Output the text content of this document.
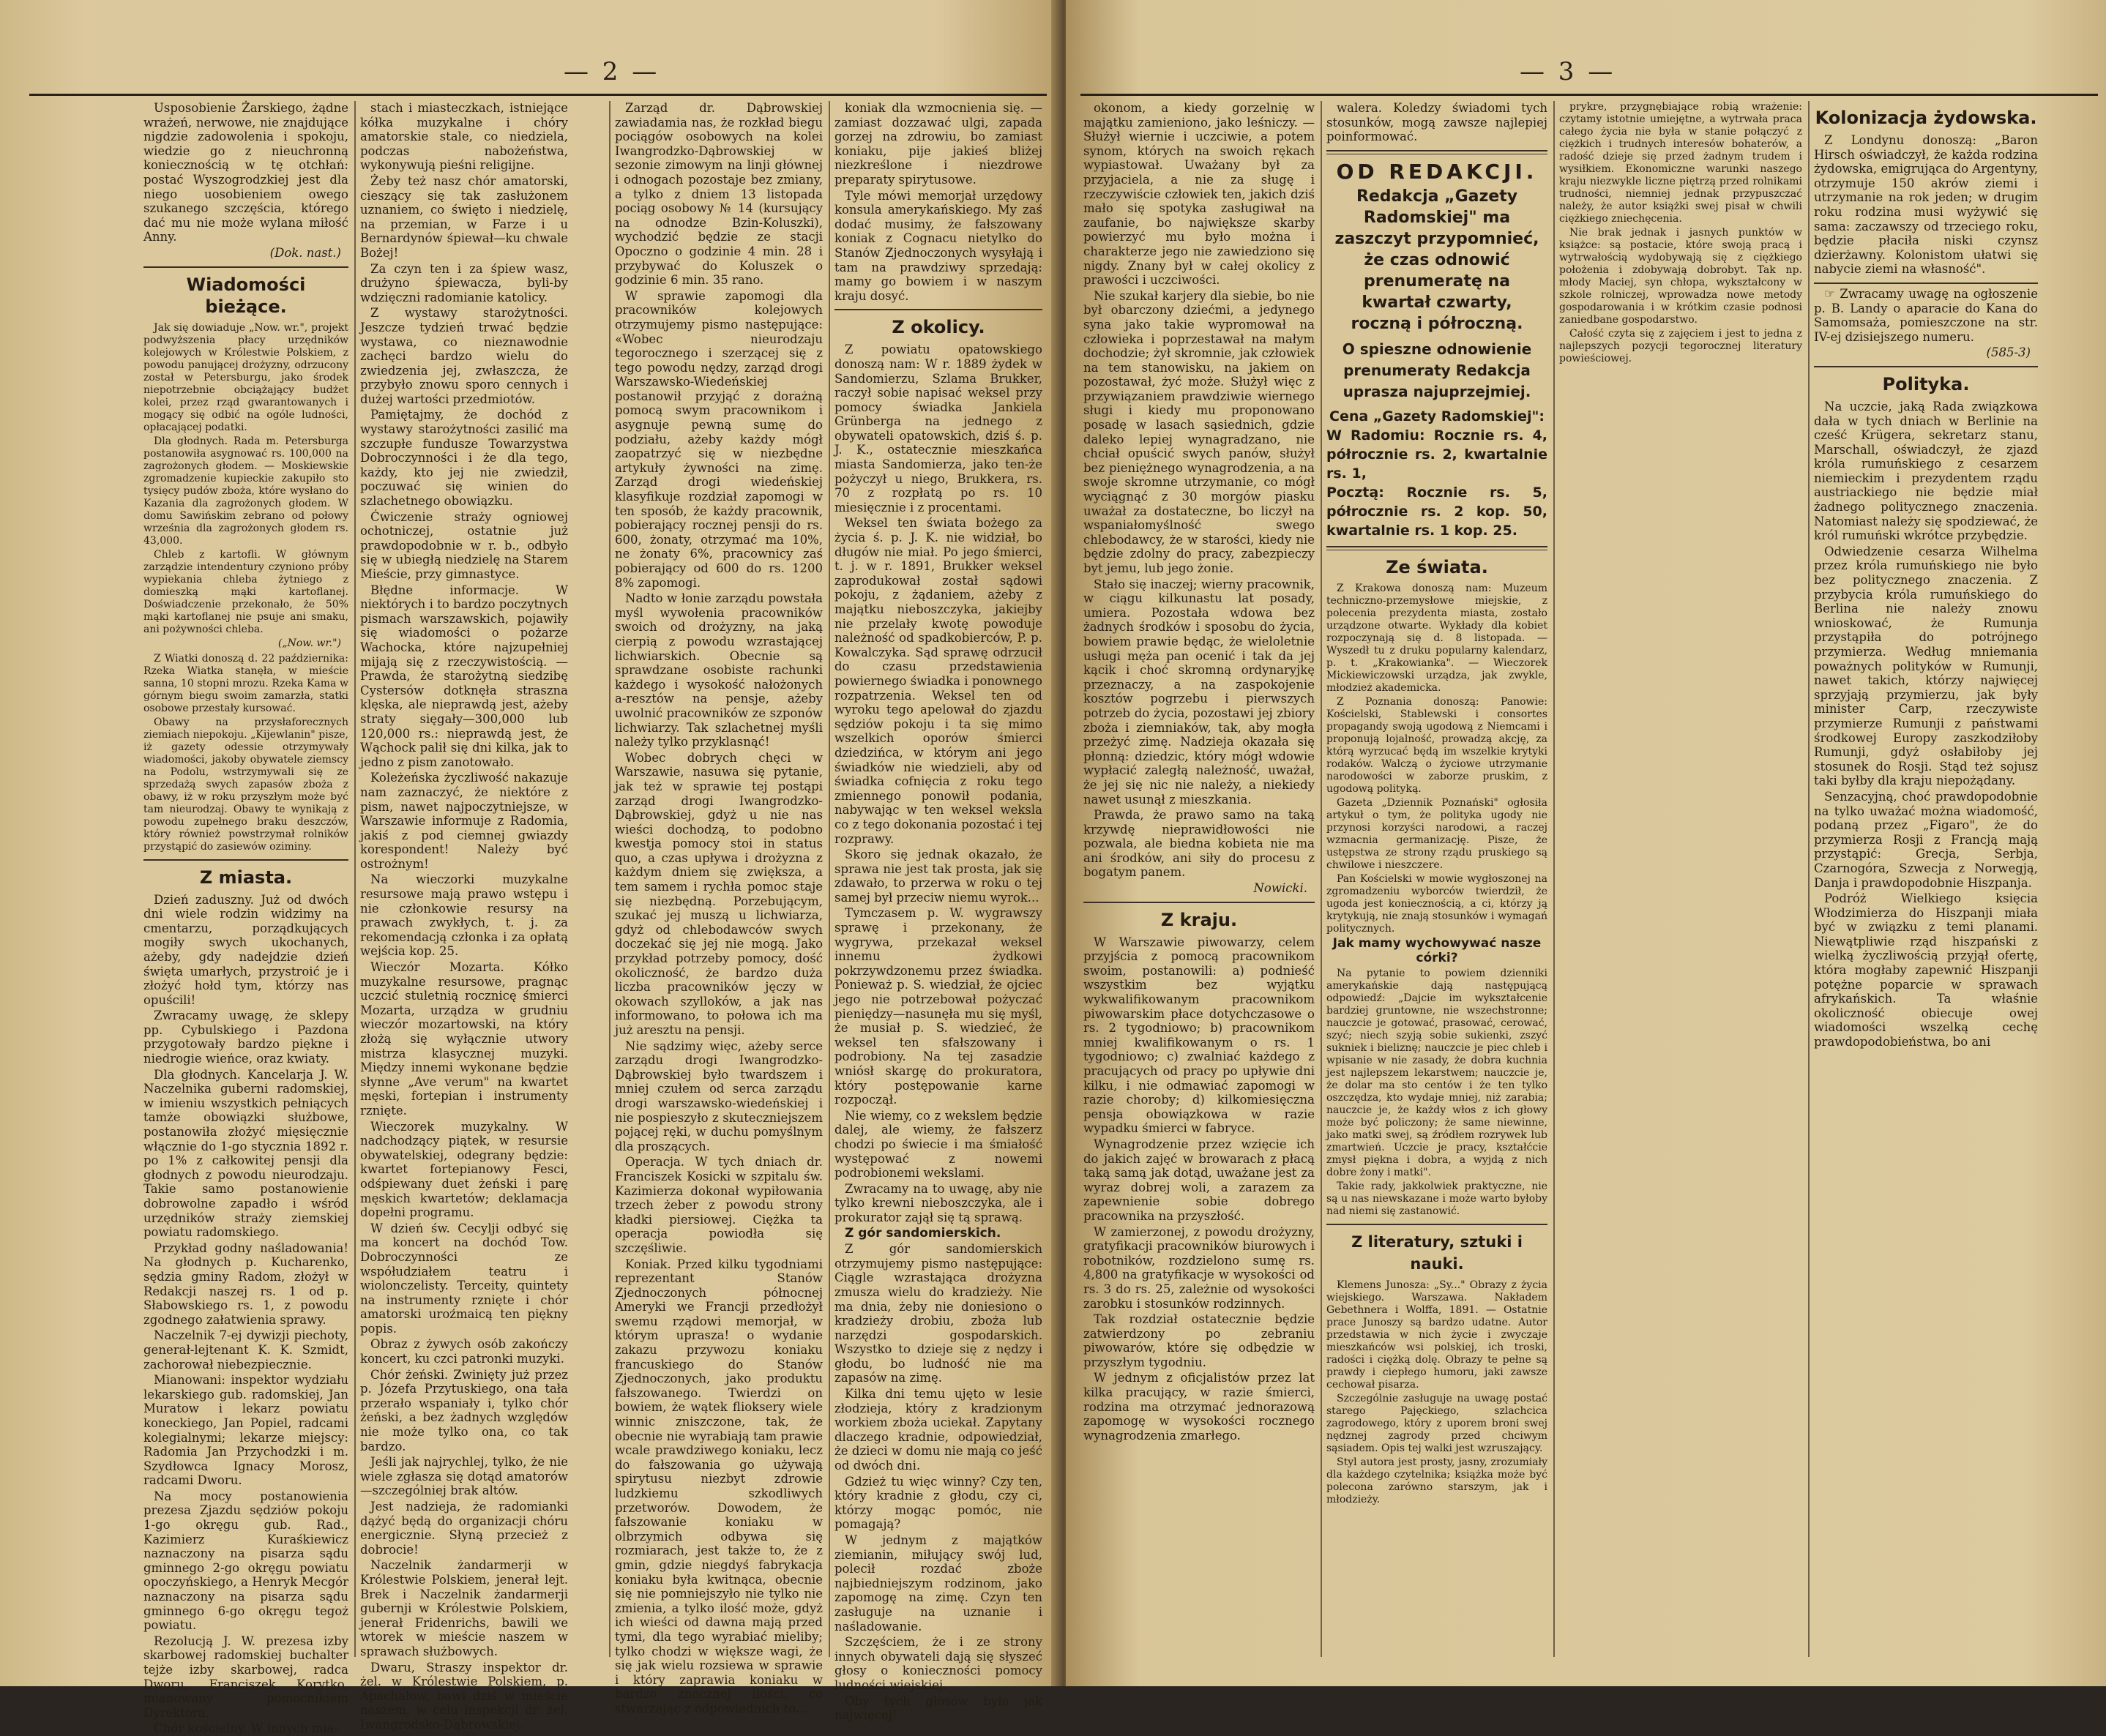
— 2 —

Usposobienie Żarskiego, żądne wrażeń, nerwowe, nie znajdujące nigdzie zadowolenia i spokoju, wiedzie go z nieuchronną koniecznością w tę otchłań: postać Wyszogrodzkiej jest dla niego uosobieniem owego szukanego szczęścia, którego dać mu nie może wylana miłość Anny.

(Dok. nast.)
Wiadomości bieżące.

Jak się dowiaduje „Now. wr.", projekt podwyższenia płacy urzędników kolejowych w Królestwie Polskiem, z powodu panującej drożyzny, odrzucony został w Petersburgu, jako środek niepotrzebnie obciążający budżet kolei, przez rząd gwarantowanych i mogący się odbić na ogóle ludności, opłacającej podatki.

Dla głodnych. Rada m. Petersburga postanowiła asygnować rs. 100,000 na zagrożonych głodem. — Moskiewskie zgromadzenie kupieckie zakupiło sto tysięcy pudów zboża, które wysłano do Kazania dla zagrożonych głodem. W domu Sawińskim zebrano od połowy września dla zagrożonych głodem rs. 43,000.

Chleb z kartofli. W głównym zarządzie intendentury czyniono próby wypiekania chleba żytniego z domieszką mąki kartoflanej. Doświadczenie przekonało, że 50% mąki kartoflanej nie psuje ani smaku, ani pożywności chleba.

(„Now. wr.")

Z Wiatki donoszą d. 22 października: Rzeka Wiatka stanęła, w mieście sanna, 10 stopni mrozu. Rzeka Kama w górnym biegu swoim zamarzła, statki osobowe przestały kursować.

Obawy na przysłaforecznych ziemiach niepokoju. „Kijewlanin" pisze, iż gazety odessie otrzymywały wiadomości, jakoby obywatele ziemscy na Podolu, wstrzymywali się ze sprzedażą swych zapasów zboża z obawy, iż w roku przyszłym może być tam nieurodzaj. Obawy te wynikają z powodu zupełnego braku deszczów, który również powstrzymał rolników przystąpić do zasiewów oziminy.

Z miasta.

Dzień zaduszny. Już od dwóch dni wiele rodzin widzimy na cmentarzu, porządkujących mogiły swych ukochanych, ażeby, gdy nadejdzie dzień święta umarłych, przystroić je i złożyć hołd tym, którzy nas opuścili!

Zwracamy uwagę, że sklepy pp. Cybulskiego i Pazdona przygotowały bardzo piękne i niedrogie wieńce, oraz kwiaty.

Dla głodnych. Kancelarja J. W. Naczelnika guberni radomskiej, w imieniu wszystkich pełniących tamże obowiązki służbowe, postanowiła złożyć mięsięcznie włącznie do 1-go stycznia 1892 r. po 1% z całkowitej pensji dla głodnych z powodu nieurodzaju. Takie samo postanowienie dobrowolne zapadło i wśród urzędników straży ziemskiej powiatu radomskiego.

Przykład godny naśladowania! Na głodnych p. Kucharenko, sędzia gminy Radom, złożył w Redakcji naszej rs. 1 od p. Słabowskiego rs. 1, z powodu zgodnego załatwienia sprawy.

Naczelnik 7-ej dywizji piechoty, generał-lejtenant K. K. Szmidt, zachorował niebezpiecznie.

Mianowani: inspektor wydziału lekarskiego gub. radomskiej, Jan Muratow i lekarz powiatu koneckiego, Jan Popiel, radcami kolegialnymi; lekarze miejscy: Radomia Jan Przychodzki i m. Szydłowca Ignacy Morosz, radcami Dworu.

Na mocy postanowienia prezesa Zjazdu sędziów pokoju 1-go okręgu gub. Rad., Kazimierz Kuraśkiewicz naznaczony na pisarza sądu gminnego 2-go okręgu powiatu opoczyńskiego, a Henryk Mecgór naznaczony na pisarza sądu gminnego 6-go okręgu tegoż powiatu.

Rezolucją J. W. prezesa izby skarbowej radomskiej buchalter tejże izby skarbowej, radca Dworu, Franciszek Korytko, mianowany pomocnikiem Dyrektora.

Chór kościelny. W innych mia-

stach i miasteczkach, istniejące kółka muzykalne i chóry amatorskie stale, co niedziela, podczas nabożeństwa, wykonywują pieśni religijne.

Żeby też nasz chór amatorski, cieszący się tak zasłużonem uznaniem, co święto i niedzielę, na przemian, w Farze i u Bernardynów śpiewał—ku chwale Bożej!

Za czyn ten i za śpiew wasz, drużyno śpiewacza, byli-by wdzięczni radomianie katolicy.

Z wystawy starożytności. Jeszcze tydzień trwać będzie wystawa, co nieznawodnie zachęci bardzo wielu do zwiedzenia jej, zwłaszcza, że przybyło znowu sporo cennych i dużej wartości przedmiotów.

Pamiętajmy, że dochód z wystawy starożytności zasilić ma szczupłe fundusze Towarzystwa Dobroczynności i że dla tego, każdy, kto jej nie zwiedził, poczuwać się winien do szlachetnego obowiązku.

Ćwiczenie straży ogniowej ochotniczej, ostatnie już prawdopodobnie w r. b., odbyło się w ubiegłą niedzielę na Starem Mieście, przy gimnastyce.

Błędne informacje. W niektórych i to bardzo poczytnych pismach warszawskich, pojawiły się wiadomości o pożarze Wachocka, które najzupełniej mijają się z rzeczywistością. — Prawda, że starożytną siedzibę Cystersów dotknęła straszna klęska, ale nieprawdą jest, ażeby straty sięgały—300,000 lub 120,000 rs.: nieprawdą jest, że Wąchock palił się dni kilka, jak to jedno z pism zanotowało.

Koleżeńska życzliwość nakazuje nam zaznaczyć, że niektóre z pism, nawet najpoczytniejsze, w Warszawie informuje z Radomia, jakiś z pod ciemnej gwiazdy korespondent! Należy być ostrożnym!

Na wieczorki muzykalne resursowe mają prawo wstępu i nie członkowie resursy na prawach zwykłych, t. j. za rekomendacją członka i za opłatą wejścia kop. 25.

Wieczór Mozarta. Kółko muzykalne resursowe, pragnąc uczcić stuletnią rocznicę śmierci Mozarta, urządza w grudniu wieczór mozartowski, na który złożą się wyłącznie utwory mistrza klasycznej muzyki. Między innemi wykonane będzie słynne „Ave verum" na kwartet męski, fortepian i instrumenty rznięte.

Wieczorek muzykalny. W nadchodzący piątek, w resursie obywatelskiej, odegrany będzie: kwartet fortepianowy Fesci, odśpiewany duet żeński i parę męskich kwartetów; deklamacja dopełni programu.

W dzień św. Cecylji odbyć się ma koncert na dochód Tow. Dobroczynności ze współudziałem teatru i wiolonczelisty. Terceity, quintety na instrumenty rznięte i chór amatorski uroźmaicą ten piękny popis.

Obraz z żywych osób zakończy koncert, ku czci patronki muzyki.

Chór żeński. Zwinięty już przez p. Józefa Przytuskiego, ona tała przerało wspaniały i, tylko chór żeński, a bez żadnych względów nie może tylko ona, co tak bardzo.

Jeśli jak najrychlej, tylko, że nie wiele zgłasza się dotąd amatorów—szczególniej brak altów.

Jest nadzieja, że radomianki dążyć będą do organizacji chóru energicznie. Słyną przecież z dobrocie!

Naczelnik żandarmerji w Królestwie Polskiem, jenerał lejt. Brek i Naczelnik żandarmerji gubernji w Królestwie Polskiem, jenerał Fridenrichs, bawili we wtorek w mieście naszem w sprawach służbowych.

Dwaru, Straszy inspektor dr. żel. w Królestwie Polskiem, p. Apachałow, bawi dziś w mieście naszem, w celu inspekcji dr. żel. Iwangrodsko-Dąbrowskiej.

Zarząd dr. Dąbrowskiej zawiadamia nas, że rozkład biegu pociągów osobowych na kolei Iwangrodzko-Dąbrowskiej w sezonie zimowym na linji głównej i odnogach pozostaje bez zmiany, a tylko z dniem 13 listopada pociąg osobowy № 14 (kursujący na odnodze Bzin-Koluszki), wychodzić będzie ze stacji Opoczno o godzinie 4 min. 28 i przybywać do Koluszek o godzinie 6 min. 35 rano.

W sprawie zapomogi dla pracowników kolejowych otrzymujemy pismo następujące: «Wobec nieurodzaju tegorocznego i szerzącej się z tego powodu nędzy, zarząd drogi Warszawsko-Wiedeńskiej postanowił przyjąć z dorażną pomocą swym pracownikom i asygnuje pewną sumę do podziału, ażeby każdy mógł zaopatrzyć się w niezbędne artykuły żywności na zimę. Zarząd drogi wiedeńskiej klasyfikuje rozdział zapomogi w ten sposób, że każdy pracownik, pobierający rocznej pensji do rs. 600, żonaty, otrzymać ma 10%, ne żonaty 6%, pracownicy zaś pobierający od 600 do rs. 1200 8% zapomogi.

Nadto w łonie zarządu powstała myśl wywołenia pracowników swoich od drożyzny, na jaką cierpią z powodu wzrastającej lichwiarskich. Obecnie są sprawdzane osobiste rachunki każdego i wysokość nałożonych a-resztów na pensje, ażeby uwolnić pracowników ze szponów lichwiarzy. Tak szlachetnej myśli należy tylko przyklasnąć!

Wobec dobrych chęci w Warszawie, nasuwa się pytanie, jak też w sprawie tej postąpi zarząd drogi Iwangrodzko-Dąbrowskiej, gdyż u nie nas wieści dochodzą, to podobno kwestja pomocy stoi in status quo, a czas upływa i drożyzna z każdym dniem się zwiększa, a tem samem i rychła pomoc staje się niezbędną. Porzebującym, szukać jej muszą u lichwiarza, gdyż od chlebodawców swych doczekać się jej nie mogą. Jako przykład potrzeby pomocy, dość okoliczność, że bardzo duża liczba pracowników jęczy w okowach szylloków, a jak nas informowano, to połowa ich ma już aresztu na pensji.

Nie sądzimy więc, ażeby serce zarządu drogi Iwangrodzko-Dąbrowskiej było twardszem i mniej czułem od serca zarządu drogi warszawsko-wiedeńskiej i nie pospieszyło z skuteczniejszem pojącej ręki, w duchu pomyślnym dla proszących.

Operacja. W tych dniach dr. Franciszek Kosicki w szpitalu św. Kazimierza dokonał wypiłowania trzech żeber z powodu strony kładki piersiowej. Ciężka ta operacja powiodła się szczęśliwie.

Koniak. Przed kilku tygodniami reprezentant Stanów Zjednoczonych północnej Ameryki we Francji przedłożył swemu rządowi memorjał, w którym uprasza! o wydanie zakazu przywozu koniaku francuskiego do Stanów Zjednoczonych, jako produktu fałszowanego. Twierdzi on bowiem, że wątek flioksery wiele winnic zniszczone, tak, że obecnie nie wyrabiają tam prawie wcale prawdziwego koniaku, lecz do fałszowania go używają spirytusu niezbyt zdrowie ludzkiemu szkodliwych przetworów. Dowodem, że fałszowanie koniaku w olbrzymich odbywa się rozmiarach, jest także to, że z gmin, gdzie niegdyś fabrykacja koniaku była kwitnąca, obecnie się nie pomniejszyło nie tylko nie zmienia, a tylko ilość może, gdyż ich wieści od dawna mają przed tymi, dla tego wyrabiać mieliby; tylko chodzi w większe wagi, że się jak wielu rozsiewa w sprawie i który zaprawia koniaku w bardzo znacznej ilości, co stwarzając z odpowiednich to...

koniak dla wzmocnienia się. — zamiast dozzawać ulgi, zapada gorzej na zdrowiu, bo zamiast koniaku, pije jakieś bliżej niezkreślone i niezdrowe preparaty spirytusowe.

Tyle mówi memorjał urzędowy konsula amerykańskiego. My zaś dodać musimy, że fałszowany koniak z Cognacu nietylko do Stanów Zjednoczonych wysyłają i tam na prawdziwy sprzedają: mamy go bowiem i w naszym kraju dosyć.

Z okolicy.

Z powiatu opatowskiego donoszą nam: W r. 1889 żydek w Sandomierzu, Szlama Brukker, raczył sobie napisać weksel przy pomocy świadka Jankiela Grünberga na jednego z obywateli opatowskich, dziś ś. p. J. K., ostatecznie mieszkańca miasta Sandomierza, jako ten-że pożyczył u niego, Brukkera, rs. 70 z rozpłatą po rs. 10 miesięcznie i z procentami.

Weksel ten świata bożego za życia ś. p. J. K. nie widział, bo długów nie miał. Po jego śmierci, t. j. w r. 1891, Brukker weksel zaprodukował został sądowi pokoju, z żądaniem, ażeby z majątku nieboszczyka, jakiejby nie przelały kwotę powoduje należność od spadkobierców, P. p. Kowalczyka. Sąd sprawę odrzucił do czasu przedstawienia powiernego świadka i ponownego rozpatrzenia. Weksel ten od wyroku tego apelował do zjazdu sędziów pokoju i ta się mimo wszelkich oporów śmierci dziedzińca, w którym ani jego świadków nie wiedzieli, aby od świadka cofnięcia z roku tego zmiennego ponowił podania, nabywając w ten weksel weksla co z tego dokonania pozostać i tej rozprawy.

Skoro się jednak okazało, że sprawa nie jest tak prosta, jak się zdawało, to przerwa w roku o tej samej był przeciw niemu wyrok...

Tymczasem p. W. wygrawszy sprawę i przekonany, że wygrywa, przekazał weksel innemu żydkowi pokrzywdzonemu przez świadka. Ponieważ p. S. wiedział, że ojciec jego nie potrzebował pożyczać pieniędzy—nasunęła mu się myśl, że musiał p. S. wiedzieć, że weksel ten sfałszowany i podrobiony. Na tej zasadzie wniósł skargę do prokuratora, który postępowanie karne rozpoczął.

Nie wiemy, co z wekslem będzie dalej, ale wiemy, że fałszerz chodzi po świecie i ma śmiałość występować z nowemi podrobionemi wekslami.

Zwracamy na to uwagę, aby nie tylko krewni nieboszczyka, ale i prokurator zajął się tą sprawą.

Z gór sandomierskich.

Z gór sandomierskich otrzymujemy pismo następujące: Ciągle wzrastająca drożyzna zmusza wielu do kradzieży. Nie ma dnia, żeby nie doniesiono o kradzieży drobiu, zboża lub narzędzi gospodarskich. Wszystko to dzieje się z nędzy i głodu, bo ludność nie ma zapasów na zimę.

Kilka dni temu ujęto w lesie złodzieja, który z kradzionym workiem zboża uciekał. Zapytany dlaczego kradnie, odpowiedział, że dzieci w domu nie mają co jeść od dwóch dni.

Gdzież tu więc winny? Czy ten, który kradnie z głodu, czy ci, którzy mogąc pomóc, nie pomagają?

W jednym z majątków ziemianin, miłujący swój lud, polecił rozdać zboże najbiedniejszym rodzinom, jako zapomogę na zimę. Czyn ten zasługuje na uznanie i naśladowanie.

Szczęściem, że i ze strony innych obywateli dają się słyszeć głosy o konieczności pomocy ludności wiejskiej.

Oby tych głosów było jak najwięcej!

— 3 —

okonom, a kiedy gorzelnię w majątku zamieniono, jako leśniczy. — Służył wiernie i uczciwie, a potem synom, których na swoich rękach wypiastował. Uważany był za przyjaciela, a nie za sługę i rzeczywiście człowiek ten, jakich dziś mało się spotyka zasługiwał na zaufanie, bo największe skarby powierzyć mu było można i charakterze jego nie zawiedziono się nigdy. Znany był w całej okolicy z prawości i uczciwości.

Nie szukał karjery dla siebie, bo nie był obarczony dziećmi, a jedynego syna jako takie wypromował na człowieka i poprzestawał na małym dochodzie; żył skromnie, jak człowiek na tem stanowisku, na jakiem on pozostawał, żyć może. Służył więc z przywiązaniem prawdziwie wiernego sługi i kiedy mu proponowano posadę w lasach sąsiednich, gdzie daleko lepiej wynagradzano, nie chciał opuścić swych panów, służył bez pieniężnego wynagrodzenia, a na swoje skromne utrzymanie, co mógł wyciągnąć z 30 morgów piasku uważał za dostateczne, bo liczył na wspaniałomyślność swego chlebodawcy, że w starości, kiedy nie będzie zdolny do pracy, zabezpieczy byt jemu, lub jego żonie.

Stało się inaczej; wierny pracownik, w ciągu kilkunastu lat posady, umiera. Pozostała wdowa bez żadnych środków i sposobu do życia, bowiem prawie będąc, że wieloletnie usługi męża pan ocenić i tak da jej kącik i choć skromną ordynaryjkę przeznaczy, a na zaspokojenie kosztów pogrzebu i pierwszych potrzeb do życia, pozostawi jej zbiory zboża i ziemniaków, tak, aby mogła przeżyć zimę. Nadzieja okazała się płonną: dziedzic, który mógł wdowie wypłacić zaległą należność, uważał, że jej się nic nie należy, a niekiedy nawet usunął z mieszkania.

Prawda, że prawo samo na taką krzywdę nieprawidłowości nie pozwala, ale biedna kobieta nie ma ani środków, ani siły do procesu z bogatym panem.

Nowicki.
Z kraju.

W Warszawie piwowarzy, celem przyjścia z pomocą pracownikom swoim, postanowili: a) podnieść wszystkim bez wyjątku wykwalifikowanym pracownikom piwowarskim płace dotychczasowe o rs. 2 tygodniowo; b) pracownikom mniej kwalifikowanym o rs. 1 tygodniowo; c) zwalniać każdego z pracujących od pracy po upływie dni kilku, i nie odmawiać zapomogi w razie choroby; d) kilkomiesięczna pensja obowiązkowa w razie wypadku śmierci w fabryce.

Wynagrodzenie przez wzięcie ich do jakich zajęć w browarach z płacą taką samą jak dotąd, uważane jest za wyraz dobrej woli, a zarazem za zapewnienie sobie dobrego pracownika na przyszłość.

W zamierzonej, z powodu drożyzny, gratyfikacji pracowników biurowych i robotników, rozdzielono sumę rs. 4,800 na gratyfikacje w wysokości od rs. 3 do rs. 25, zależnie od wysokości zarobku i stosunków rodzinnych.

Tak rozdział ostatecznie będzie zatwierdzony po zebraniu piwowarów, które się odbędzie w przyszłym tygodniu.

W jednym z oficjalistów przez lat kilka pracujący, w razie śmierci, rodzina ma otrzymać jednorazową zapomogę w wysokości rocznego wynagrodzenia zmarłego.

walera. Koledzy świadomi tych stosunków, mogą zawsze najlepiej poinformować.

OD REDAKCJI.
Redakcja „Gazety Radomskiej" ma zaszczyt przypomnieć, że czas odnowić prenumeratę na kwartał czwarty, roczną i półroczną.
O spieszne odnowienie prenumeraty Redakcja uprasza najuprzejmiej.
Cena „Gazety Radomskiej":
W Radomiu: Rocznie rs. 4, półrocznie rs. 2, kwartalnie rs. 1,
Pocztą: Rocznie rs. 5, półrocznie rs. 2 kop. 50, kwartalnie rs. 1 kop. 25.
Ze świata.

Z Krakowa donoszą nam: Muzeum techniczno-przemysłowe miejskie, z polecenia prezydenta miasta, zostało urządzone otwarte. Wykłady dla kobiet rozpoczynają się d. 8 listopada. — Wyszedł tu z druku popularny kalendarz, p. t. „Krakowianka". — Wieczorek Mickiewiczowski urządza, jak zwykle, młodzież akademicka.

Z Poznania donoszą: Panowie: Kościelski, Stablewski i consortes propagandy swoją ugodową z Niemcami i proponują lojalność, prowadzą akcję, za którą wyrzucać będą im wszelkie krytyki rodaków. Walczą o życiowe utrzymanie narodowości w zaborze pruskim, z ugodową polityką.

Gazeta „Dziennik Poznański" ogłosiła artykuł o tym, że polityka ugody nie przynosi korzyści narodowi, a raczej wzmacnia germanizację. Pisze, że ustępstwa ze strony rządu pruskiego są chwilowe i nieszczere.

Pan Kościelski w mowie wygłoszonej na zgromadzeniu wyborców twierdził, że ugoda jest koniecznością, a ci, którzy ją krytykują, nie znają stosunków i wymagań politycznych.

Jak mamy wychowywać nasze córki?

Na pytanie to powiem dzienniki amerykańskie dają następującą odpowiedź: „Dajcie im wykształcenie bardziej gruntowne, nie wszechstronne; nauczcie je gotować, prasować, cerować, szyć; niech szyją sobie sukienki, zszyć sukniek i bieliznę; nauczcie je piec chleb i wpisanie w nie zasady, że dobra kuchnia jest najlepszem lekarstwem; nauczcie je, że dolar ma sto centów i że ten tylko oszczędza, kto wydaje mniej, niż zarabia; nauczcie je, że każdy włos z ich głowy może być policzony; że same niewinne, jako matki swej, są źródłem rozrywek lub zmartwień. Uczcie je pracy, kształćcie zmysł piękna i dobra, a wyjdą z nich dobre żony i matki".

Takie rady, jakkolwiek praktyczne, nie są u nas niewskazane i może warto byłoby nad niemi się zastanowić.

Z literatury, sztuki i nauki.

Klemens Junosza: „Sy..." Obrazy z życia wiejskiego. Warszawa. Nakładem Gebethnera i Wolffa, 1891. — Ostatnie prace Junoszy są bardzo udatne. Autor przedstawia w nich życie i zwyczaje mieszkańców wsi polskiej, ich troski, radości i ciężką dolę. Obrazy te pełne są prawdy i ciepłego humoru, jaki zawsze cechował pisarza.

Szczególnie zasługuje na uwagę postać starego Pajęckiego, szlachcica zagrodowego, który z uporem broni swej nędznej zagrody przed chciwym sąsiadem. Opis tej walki jest wzruszający.

Styl autora jest prosty, jasny, zrozumiały dla każdego czytelnika; książka może być polecona zarówno starszym, jak i młodzieży.

prykre, przygnębiające robią wrażenie: czytamy istotnie umiejętne, a wytrwała praca całego życia nie była w stanie połączyć z ciężkich i trudnych interesów bohaterów, a radość dzieje się przed żadnym trudem i wysiłkiem. Ekonomiczne warunki naszego kraju niezwykle liczne piętrzą przed rolnikami trudności, niemniej jednak przypuszczać należy, że autor książki swej pisał w chwili ciężkiego zniechęcenia.

Nie brak jednak i jasnych punktów w książce: są postacie, które swoją pracą i wytrwałością wydobywają się z ciężkiego położenia i zdobywają dobrobyt. Tak np. młody Maciej, syn chłopa, wykształcony w szkole rolniczej, wprowadza nowe metody gospodarowania i w krótkim czasie podnosi zaniedbane gospodarstwo.

Całość czyta się z zajęciem i jest to jedna z najlepszych pozycji tegorocznej literatury powieściowej.

Kolonizacja żydowska.

Z Londynu donoszą: „Baron Hirsch oświadczył, że każda rodzina żydowska, emigrująca do Argentyny, otrzymuje 150 akrów ziemi i utrzymanie na rok jeden; w drugim roku rodzina musi wyżywić się sama: zaczawszy od trzeciego roku, będzie płaciła niski czynsz dzierżawny. Kolonistom ułatwi się nabycie ziemi na własność".

☞ Zwracamy uwagę na ogłoszenie p. B. Landy o aparacie do Kana do Samomsaża, pomieszczone na str. IV-ej dzisiejszego numeru.

(585-3)
Polityka.

Na uczcie, jaką Rada związkowa dała w tych dniach w Berlinie na cześć Krügera, sekretarz stanu, Marschall, oświadczył, że zjazd króla rumuńskiego z cesarzem niemieckim i prezydentem rządu austriackiego nie będzie miał żadnego politycznego znaczenia. Natomiast należy się spodziewać, że król rumuński wkrótce przybędzie.

Odwiedzenie cesarza Wilhelma przez króla rumuńskiego nie było bez politycznego znaczenia. Z przybycia króla rumuńskiego do Berlina nie należy znowu wnioskować, że Rumunja przystąpiła do potrójnego przymierza. Według mniemania poważnych polityków w Rumunji, nawet takich, którzy najwięcej sprzyjają przymierzu, jak były minister Carp, rzeczywiste przymierze Rumunji z państwami środkowej Europy zaszkodziłoby Rumunji, gdyż osłabiłoby jej stosunek do Rosji. Stąd też sojusz taki byłby dla kraju niepożądany.

Senzacyjną, choć prawdopodobnie na tylko uważać można wiadomość, podaną przez „Figaro", że do przymierza Rosji z Francją mają przystąpić: Grecja, Serbja, Czarnogóra, Szwecja z Norwegją, Danja i prawdopodobnie Hiszpanja.

Podróż Wielkiego księcia Włodzimierza do Hiszpanji miała być w związku z temi planami. Niewątpliwie rząd hiszpański z wielką życzliwością przyjął ofertę, która mogłaby zapewnić Hiszpanji potężne poparcie w sprawach afrykańskich. Ta właśnie okoliczność obiecuje owej wiadomości wszelką cechę prawdopodobieństwa, bo ani
